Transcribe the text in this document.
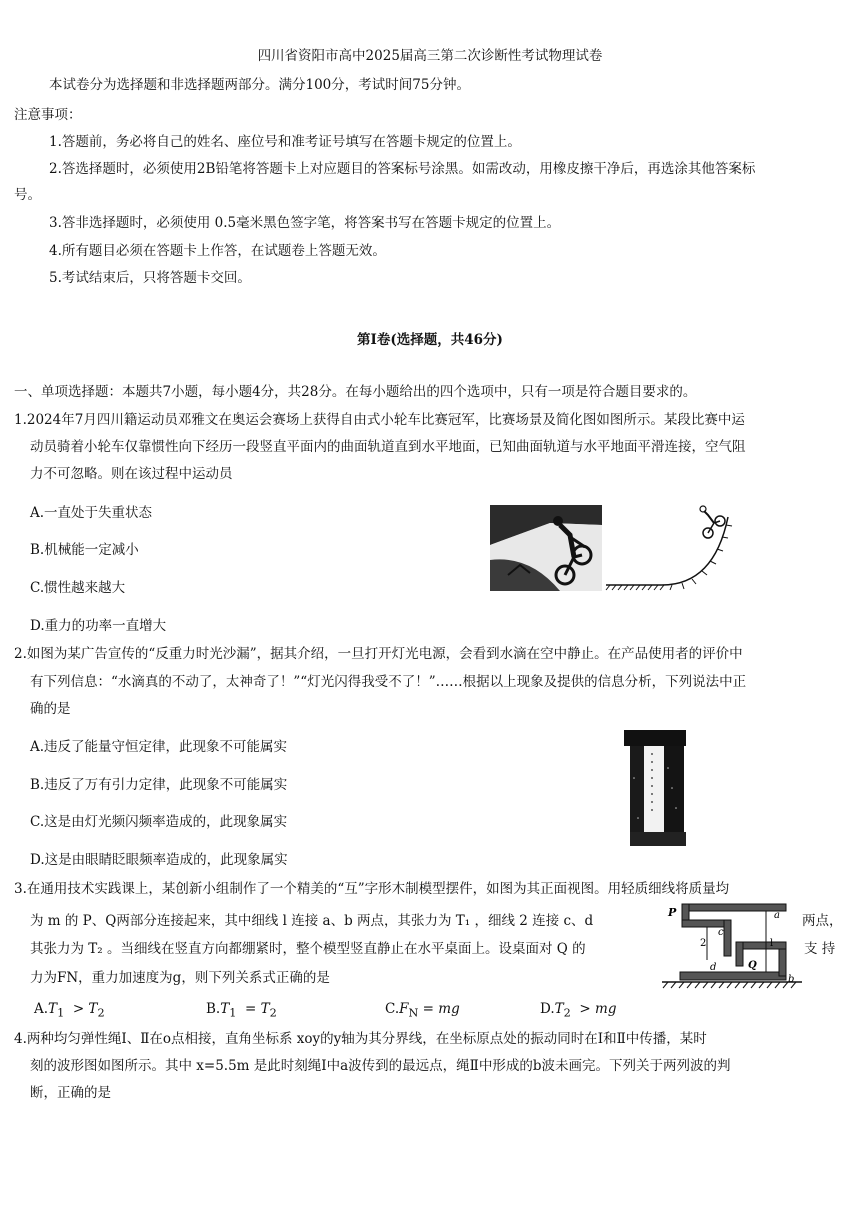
四川省资阳市高中2025届高三第二次诊断性考试物理试卷
本试卷分为选择题和非选择题两部分。满分100分，考试时间75分钟。
注意事项：
1.答题前，务必将自己的姓名、座位号和准考证号填写在答题卡规定的位置上。
2.答选择题时，必须使用2B铅笔将答题卡上对应题目的答案标号涂黑。如需改动，用橡皮擦干净后，再选涂其他答案标
号。
3.答非选择题时，必须使用 0.5毫米黑色签字笔，将答案书写在答题卡规定的位置上。
4.所有题目必须在答题卡上作答，在试题卷上答题无效。
5.考试结束后，只将答题卡交回。
第Ⅰ卷(选择题，共46分)
一、单项选择题：本题共7小题，每小题4分，共28分。在每小题给出的四个选项中，只有一项是符合题目要求的。
1.2024年7月四川籍运动员邓雅文在奥运会赛场上获得自由式小轮车比赛冠军，比赛场景及简化图如图所示。某段比赛中运
动员骑着小轮车仅靠惯性向下经历一段竖直平面内的曲面轨道直到水平地面，已知曲面轨道与水平地面平滑连接，空气阻
力不可忽略。则在该过程中运动员
A.一直处于失重状态
B.机械能一定减小
C.惯性越来越大
D.重力的功率一直增大
2.如图为某广告宣传的“反重力时光沙漏”，据其介绍，一旦打开灯光电源，会看到水滴在空中静止。在产品使用者的评价中
有下列信息：“水滴真的不动了，太神奇了！”“灯光闪得我受不了！”……根据以上现象及提供的信息分析，下列说法中正
确的是
A.违反了能量守恒定律，此现象不可能属实
B.违反了万有引力定律，此现象不可能属实
C.这是由灯光频闪频率造成的，此现象属实
D.这是由眼睛眨眼频率造成的，此现象属实
3.在通用技术实践课上，某创新小组制作了一个精美的“互”字形木制模型摆件，如图为其正面视图。用轻质细线将质量均
为 m 的 P、Q两部分连接起来，其中细线 l 连接 a、b 两点，其张力为 T₁ ，细线 2 连接 c、d	两点，
其张力为 T₂ 。当细线在竖直方向都绷紧时，整个模型竖直静止在水平桌面上。设桌面对 Q 的	支 持
力为FN，重力加速度为g，则下列关系式正确的是
$A.T_1 > T_2$	$B.T_1 = T_2$	$C.F_N$ = mg	$D.T_2$  > mg
P
c
a
2	l
Q
d
b
4.两种均匀弹性绳Ⅰ、Ⅱ在o点相接，直角坐标系 xoy的y轴为其分界线，在坐标原点处的振动同时在Ⅰ和Ⅱ中传播，某时
刻的波形图如图所示。其中 x=5.5m 是此时刻绳Ⅰ中a波传到的最远点，绳Ⅱ中形成的b波未画完。下列关于两列波的判
断，正确的是
